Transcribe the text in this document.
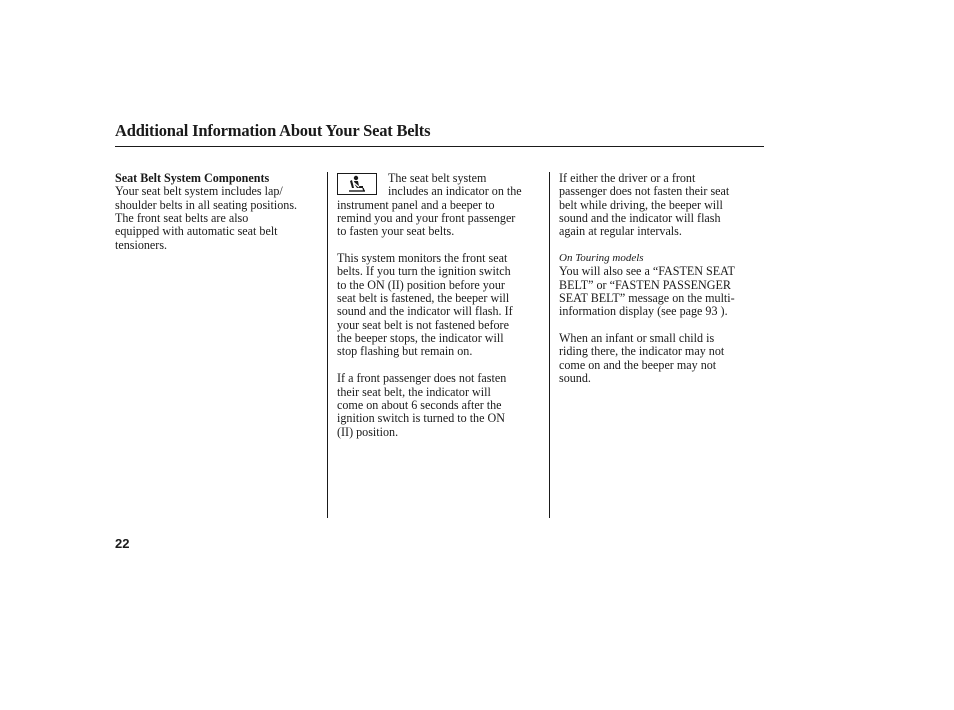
Additional Information About Your Seat Belts

Seat Belt System Components

Your seat belt system includes lap/

shoulder belts in all seating positions.

The front seat belts are also

equipped with automatic seat belt

tensioners.

The seat belt system

includes an indicator on the

instrument panel and a beeper to

remind you and your front passenger

to fasten your seat belts.

This system monitors the front seat

belts. If you turn the ignition switch

to the ON (II) position before your

seat belt is fastened, the beeper will

sound and the indicator will flash. If

your seat belt is not fastened before

the beeper stops, the indicator will

stop flashing but remain on.

If a front passenger does not fasten

their seat belt, the indicator will

come on about 6 seconds after the

ignition switch is turned to the ON

(II) position.

If either the driver or a front

passenger does not fasten their seat

belt while driving, the beeper will

sound and the indicator will flash

again at regular intervals.

On Touring models

You will also see a “FASTEN SEAT

BELT” or “FASTEN PASSENGER

SEAT BELT” message on the multi-

information display (see page 93 ).

When an infant or small child is

riding there, the indicator may not

come on and the beeper may not

sound.

22
